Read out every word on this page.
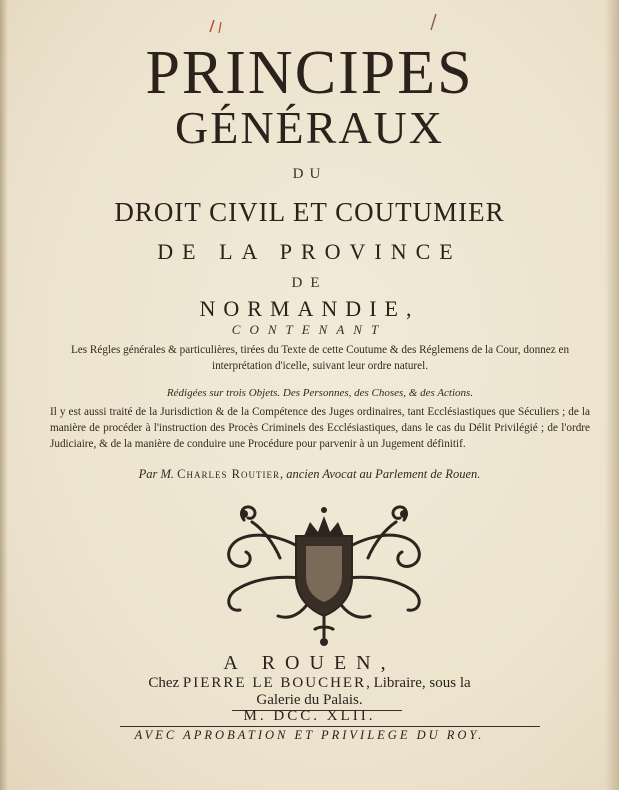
PRINCIPES
GÉNÉRAUX
DU
DROIT CIVIL ET COUTUMIER
DE LA PROVINCE
DE
NORMANDIE,
CONTENANT
Les Régles générales & particulières, tirées du Texte de cette Coutume & des Réglemens de la Cour, donnez en interprétation d'icelle, suivant leur ordre naturel.
Rédigées sur trois Objets. Des Personnes, des Choses, & des Actions.
Il y est aussi traité de la Jurisdiction & de la Compétence des Juges ordinaires, tant Ecclésiastiques que Séculiers ; de la manière de procéder à l'instruction des Procès Criminels des Ecclésiastiques, dans le cas du Délit Privilégié ; de l'ordre Judiciaire, & de la manière de conduire une Procédure pour parvenir à un Jugement définitif.
Par M. Charles Routier, ancien Avocat au Parlement de Rouen.
A ROUEN,
Chez PIERRE LE BOUCHER, Libraire, sous la
Galerie du Palais.
M. DCC. XLII.
AVEC APROBATION ET PRIVILEGE DU ROY.
